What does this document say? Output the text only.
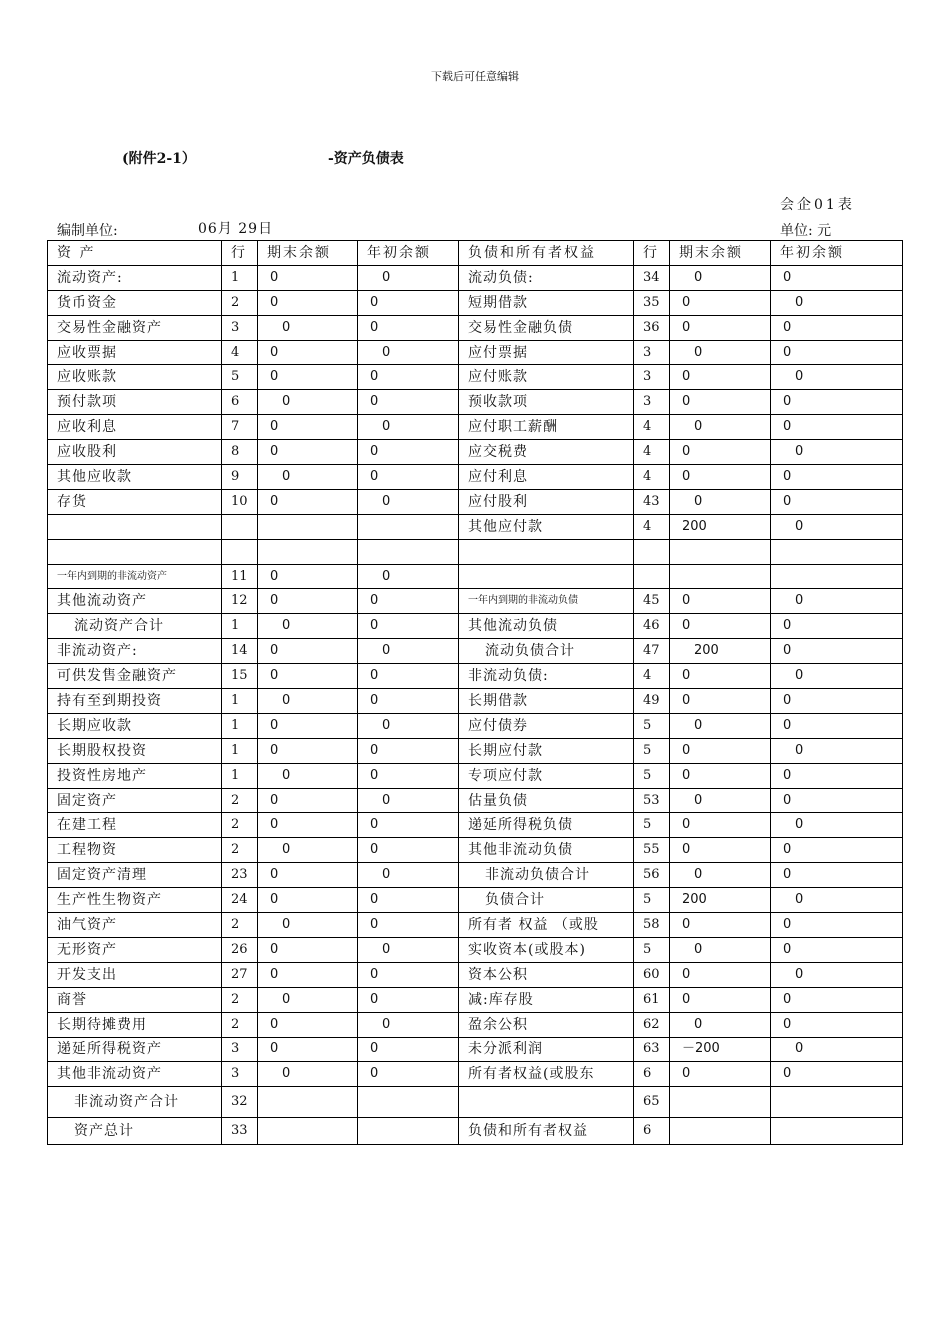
下载后可任意编辑
(附件2-1）	-资产负债表
会企01表
编制单位:	06月 29日	单位: 元
资 产	行	期末余额	年初余额	负债和所有者权益	行	期末余额	年初余额
流动资产:	1	0	0	流动负债:	34	0	0
货币资金	2	0	0	短期借款	35	0	0
交易性金融资产	3	0	0	交易性金融负债	36	0	0
应收票据	4	0	0	应付票据	3	0	0
应收账款	5	0	0	应付账款	3	0	0
预付款项	6	0	0	预收款项	3	0	0
应收利息	7	0	0	应付职工薪酬	4	0	0
应收股利	8	0	0	应交税费	4	0	0
其他应收款	9	0	0	应付利息	4	0	0
存货	10	0	0	应付股利	43	0	0
				其他应付款	4	200	0

一年内到期的非流动资产	11	0	0				
其他流动资产	12	0	0	一年内到期的非流动负债	45	0	0
流动资产合计	1	0	0	其他流动负债	46	0	0
非流动资产:	14	0	0	流动负债合计	47	200	0
可供发售金融资产	15	0	0	非流动负债:	4	0	0
持有至到期投资	1	0	0	长期借款	49	0	0
长期应收款	1	0	0	应付债券	5	0	0
长期股权投资	1	0	0	长期应付款	5	0	0
投资性房地产	1	0	0	专项应付款	5	0	0
固定资产	2	0	0	估量负债	53	0	0
在建工程	2	0	0	递延所得税负债	5	0	0
工程物资	2	0	0	其他非流动负债	55	0	0
固定资产清理	23	0	0	非流动负债合计	56	0	0
生产性生物资产	24	0	0	负债合计	5	200	0
油气资产	2	0	0	所有者 权益 （或股	58	0	0
无形资产	26	0	0	实收资本(或股本)	5	0	0
开发支出	27	0	0	资本公积	60	0	0
商誉	2	0	0	减:库存股	61	0	0
长期待摊费用	2	0	0	盈余公积	62	0	0
递延所得税资产	3	0	0	未分派利润	63	－200	0
其他非流动资产	3	0	0	所有者权益(或股东	6	0	0
非流动资产合计	32				65		
资产总计	33			负债和所有者权益	6		
